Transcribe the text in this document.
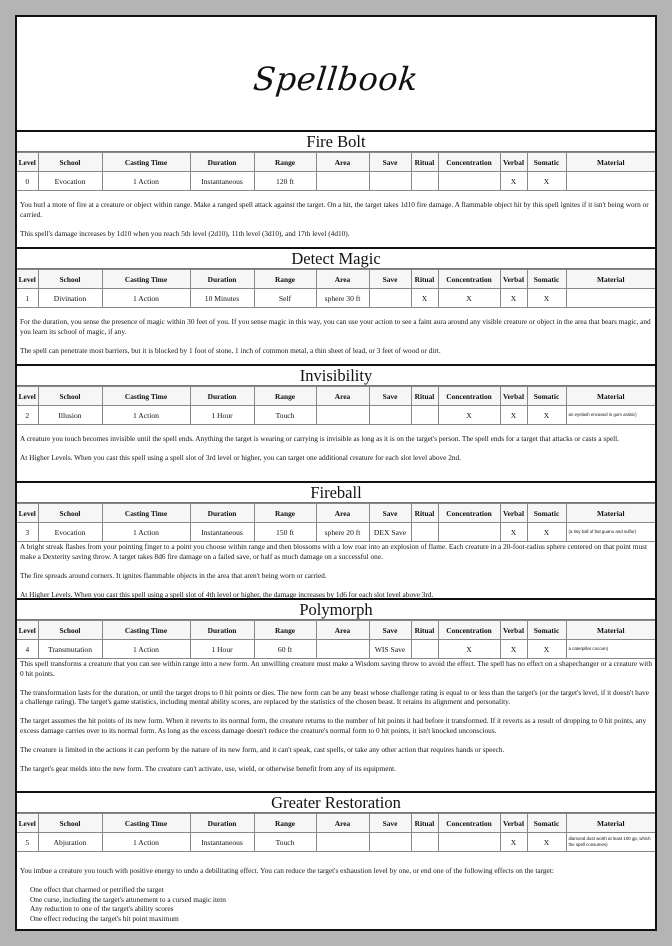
Spellbook
Fire Bolt
Level	School	Casting Time	Duration	Range	Area	Save	Ritual	Concentration	Verbal	Somatic	Material
0	Evocation	1 Action	Instantaneous	120 ft					X	X	

You hurl a mote of fire at a creature or object within range. Make a ranged spell attack against the target. On a hit, the target takes 1d10 fire damage. A flammable object hit by this spell ignites if it isn't being worn or carried.

This spell's damage increases by 1d10 when you reach 5th level (2d10), 11th level (3d10), and 17th level (4d10).

Detect Magic
Level	School	Casting Time	Duration	Range	Area	Save	Ritual	Concentration	Verbal	Somatic	Material
1	Divination	1 Action	10 Minutes	Self	sphere 30 ft		X	X	X	X	

For the duration, you sense the presence of magic within 30 feet of you. If you sense magic in this way, you can use your action to see a faint aura around any visible creature or object in the area that bears magic, and you learn its school of magic, if any.

The spell can penetrate most barriers, but it is blocked by 1 foot of stone, 1 inch of common metal, a thin sheet of lead, or 3 feet of wood or dirt.

Invisibility
Level	School	Casting Time	Duration	Range	Area	Save	Ritual	Concentration	Verbal	Somatic	Material
2	Illusion	1 Action	1 Hour	Touch				X	X	X	an eyelash encased in gum arabic)

A creature you touch becomes invisible until the spell ends. Anything the target is wearing or carrying is invisible as long as it is on the target's person. The spell ends for a target that attacks or casts a spell.

At Higher Levels. When you cast this spell using a spell slot of 3rd level or higher, you can target one additional creature for each slot level above 2nd.

Fireball
Level	School	Casting Time	Duration	Range	Area	Save	Ritual	Concentration	Verbal	Somatic	Material
3	Evocation	1 Action	Instantaneous	150 ft	sphere 20 ft	DEX Save			X	X	(a tiny ball of bat guano and sulfur)

A bright streak flashes from your pointing finger to a point you choose within range and then blossoms with a low roar into an explosion of flame. Each creature in a 20-foot-radius sphere centered on that point must make a Dexterity saving throw. A target takes 8d6 fire damage on a failed save, or half as much damage on a successful one.

The fire spreads around corners. It ignites flammable objects in the area that aren't being worn or carried.

At Higher Levels. When you cast this spell using a spell slot of 4th level or higher, the damage increases by 1d6 for each slot level above 3rd.

Polymorph
Level	School	Casting Time	Duration	Range	Area	Save	Ritual	Concentration	Verbal	Somatic	Material
4	Transmutation	1 Action	1 Hour	60 ft		WIS Save		X	X	X	a caterpillar cocoon)

This spell transforms a creature that you can see within range into a new form. An unwilling creature must make a Wisdom saving throw to avoid the effect. The spell has no effect on a shapechanger or a creature with 0 hit points.

The transformation lasts for the duration, or until the target drops to 0 hit points or dies. The new form can be any beast whose challenge rating is equal to or less than the target's (or the target's level, if it doesn't have a challenge rating). The target's game statistics, including mental ability scores, are replaced by the statistics of the chosen beast. It retains its alignment and personality.

The target assumes the hit points of its new form. When it reverts to its normal form, the creature returns to the number of hit points it had before it transformed. If it reverts as a result of dropping to 0 hit points, any excess damage carries over to its normal form. As long as the excess damage doesn't reduce the creature's normal form to 0 hit points, it isn't knocked unconscious.

The creature is limited in the actions it can perform by the nature of its new form, and it can't speak, cast spells, or take any other action that requires hands or speech.

The target's gear melds into the new form. The creature can't activate, use, wield, or otherwise benefit from any of its equipment.

Greater Restoration
Level	School	Casting Time	Duration	Range	Area	Save	Ritual	Concentration	Verbal	Somatic	Material
5	Abjuration	1 Action	Instantaneous	Touch					X	X	diamond dust worth at least 100 gp, which the spell consumes)

You imbue a creature you touch with positive energy to undo a debilitating effect. You can reduce the target's exhaustion level by one, or end one of the following effects on the target:

One effect that charmed or petrified the target
One curse, including the target's attunement to a cursed magic item
Any reduction to one of the target's ability scores
One effect reducing the target's hit point maximum
